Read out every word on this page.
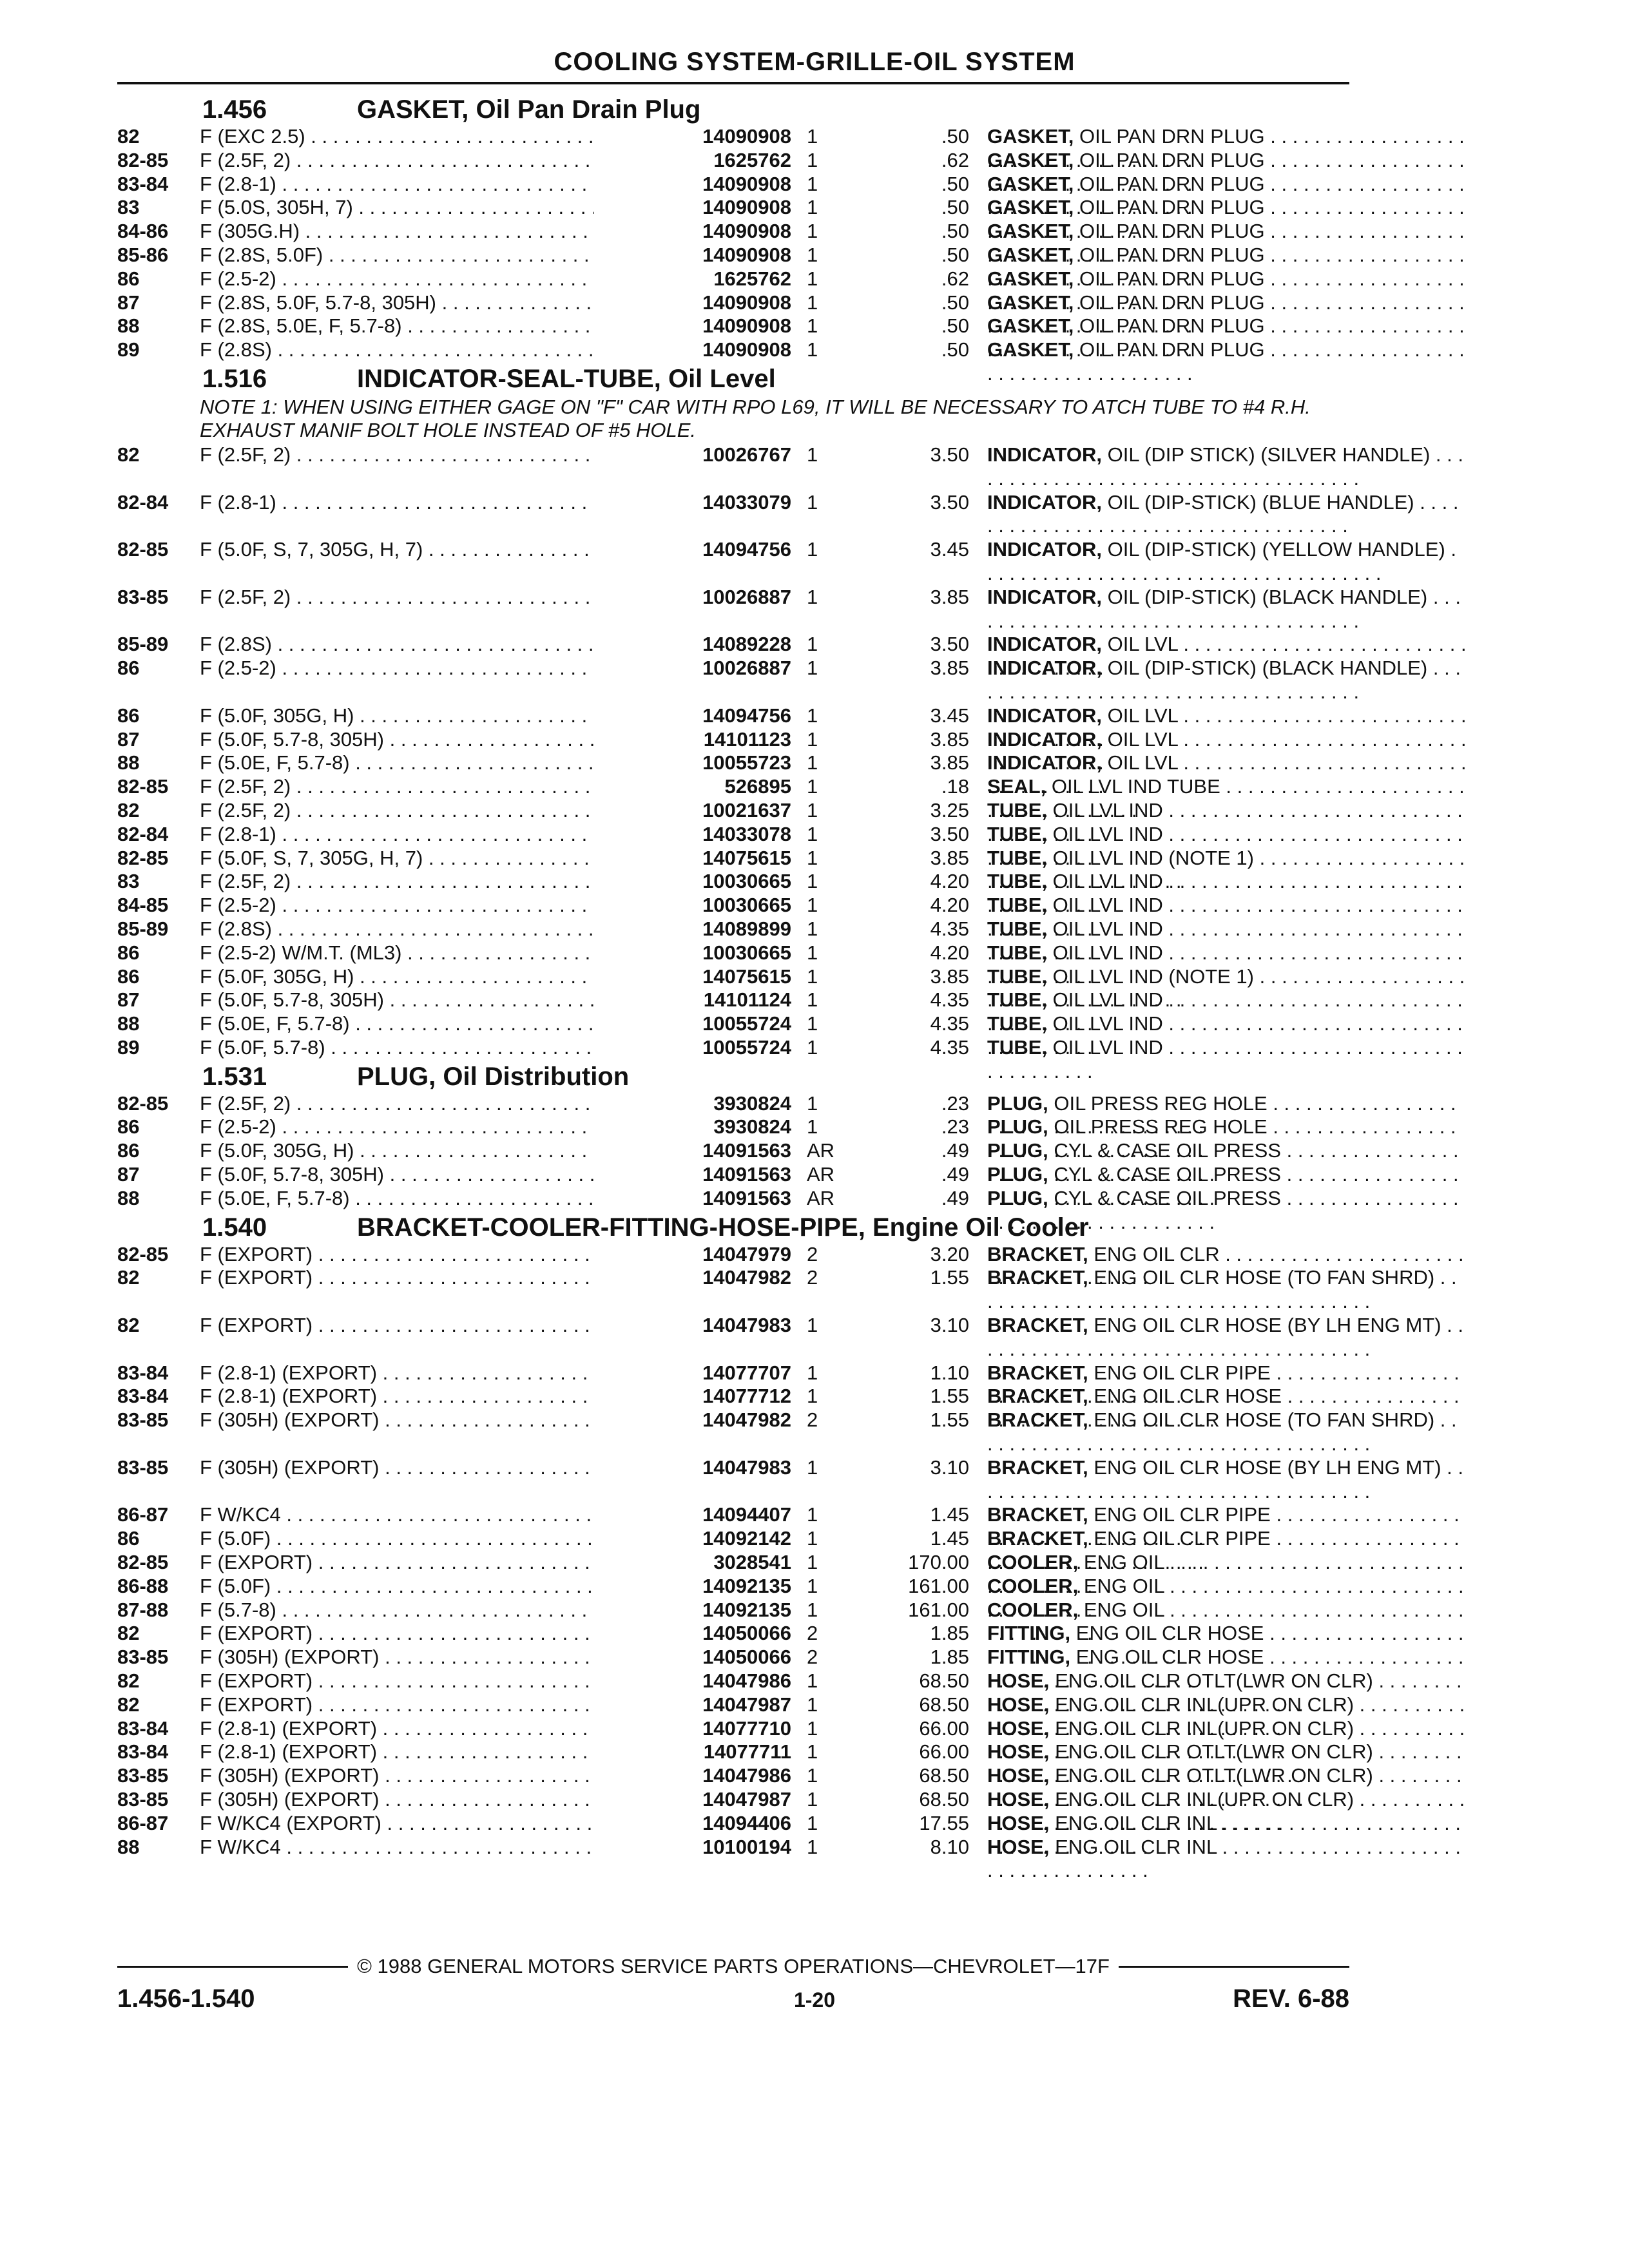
COOLING SYSTEM-GRILLE-OIL SYSTEM
1.456	GASKET, Oil Pan Drain Plug
82	F (EXC 2.5) . . .	14090908 1	.50 GASKET, OIL PAN DRN PLUG . . .
82-85 F (2.5F, 2) . . .	1625762 1	.62 GASKET, OIL PAN DRN PLUG . . .
83-84 F (2.8-1) . . .	14090908 1	.50 GASKET, OIL PAN DRN PLUG . . .
83	F (5.0S, 305H, 7) . . .	14090908 1	.50 GASKET, OIL PAN DRN PLUG . . .
84-86 F (305G.H) . . .	14090908 1	.50 GASKET, OIL PAN DRN PLUG . . .
85-86 F (2.8S, 5.0F) . . .	14090908 1	.50 GASKET, OIL PAN DRN PLUG . . .
86	F (2.5-2) . . .	1625762 1	.62 GASKET, OIL PAN DRN PLUG . . .
87	F (2.8S, 5.0F, 5.7-8, 305H) . . .	14090908 1	.50 GASKET, OIL PAN DRN PLUG . . .
88	F (2.8S, 5.0E, F, 5.7-8) . . .	14090908 1	.50 GASKET, OIL PAN DRN PLUG . . .
89	F (2.8S) . . .	14090908 1	.50 GASKET, OIL PAN DRN PLUG . . .
1.516	INDICATOR-SEAL-TUBE, Oil Level
NOTE 1: WHEN USING EITHER GAGE ON "F" CAR WITH RPO L69, IT WILL BE NECESSARY TO ATCH TUBE TO #4 R.H. EXHAUST MANIF BOLT HOLE INSTEAD OF #5 HOLE.
82	F (2.5F, 2) . . .	10026767 1	3.50 INDICATOR, OIL (DIP STICK) (SILVER HANDLE) . . .
82-84 F (2.8-1) . . .	14033079 1	3.50 INDICATOR, OIL (DIP-STICK) (BLUE HANDLE) . . .
82-85 F (5.0F, S, 7, 305G, H, 7) . . .	14094756 1	3.45 INDICATOR, OIL (DIP-STICK) (YELLOW HANDLE) . . .
83-85 F (2.5F, 2) . . .	10026887 1	3.85 INDICATOR, OIL (DIP-STICK) (BLACK HANDLE) . . .
85-89 F (2.8S) . . .	14089228 1	3.50 INDICATOR, OIL LVL . . .
86	F (2.5-2) . . .	10026887 1	3.85 INDICATOR, OIL (DIP-STICK) (BLACK HANDLE) . . .
86	F (5.0F, 305G, H) . . .	14094756 1	3.45 INDICATOR, OIL LVL . . .
87	F (5.0F, 5.7-8, 305H) . . .	14101123 1	3.85 INDICATOR, OIL LVL . . .
88	F (5.0E, F, 5.7-8) . . .	10055723 1	3.85 INDICATOR, OIL LVL . . .
82-85 F (2.5F, 2) . . .	526895 1	.18 SEAL, OIL LVL IND TUBE . . .
82	F (2.5F, 2) . . .	10021637 1	3.25 TUBE, OIL LVL IND . . .
82-84 F (2.8-1) . . .	14033078 1	3.50 TUBE, OIL LVL IND . . .
82-85 F (5.0F, S, 7, 305G, H, 7) . . .	14075615 1	3.85 TUBE, OIL LVL IND (NOTE 1) . . .
83	F (2.5F, 2) . . .	10030665 1	4.20 TUBE, OIL LVL IND . . .
84-85 F (2.5-2) . . .	10030665 1	4.20 TUBE, OIL LVL IND . . .
85-89 F (2.8S) . . .	14089899 1	4.35 TUBE, OIL LVL IND . . .
86	F (2.5-2) W/M.T. (ML3) . . .	10030665 1	4.20 TUBE, OIL LVL IND . . .
86	F (5.0F, 305G, H) . . .	14075615 1	3.85 TUBE, OIL LVL IND (NOTE 1) . . .
87	F (5.0F, 5.7-8, 305H) . . .	14101124 1	4.35 TUBE, OIL LVL IND . . .
88	F (5.0E, F, 5.7-8) . . .	10055724 1	4.35 TUBE, OIL LVL IND . . .
89	F (5.0F, 5.7-8) . . .	10055724 1	4.35 TUBE, OIL LVL IND . . .
1.531	PLUG, Oil Distribution
82-85 F (2.5F, 2) . . .	3930824 1	.23 PLUG, OIL PRESS REG HOLE . . .
86	F (2.5-2) . . .	3930824 1	.23 PLUG, OIL PRESS REG HOLE . . .
86	F (5.0F, 305G, H) . . .	14091563 AR	.49 PLUG, CYL & CASE OIL PRESS . . .
87	F (5.0F, 5.7-8, 305H) . . .	14091563 AR	.49 PLUG, CYL & CASE OIL PRESS . . .
88	F (5.0E, F, 5.7-8) . . .	14091563 AR	.49 PLUG, CYL & CASE OIL PRESS . . .
1.540	BRACKET-COOLER-FITTING-HOSE-PIPE, Engine Oil Cooler
82-85 F (EXPORT) . . .	14047979 2	3.20 BRACKET, ENG OIL CLR . . .
82	F (EXPORT) . . .	14047982 2	1.55 BRACKET, ENG OIL CLR HOSE (TO FAN SHRD) . . .
82	F (EXPORT) . . .	14047983 1	3.10 BRACKET, ENG OIL CLR HOSE (BY LH ENG MT) . . .
83-84 F (2.8-1) (EXPORT) . . .	14077707 1	1.10 BRACKET, ENG OIL CLR PIPE . . .
83-84 F (2.8-1) (EXPORT) . . .	14077712 1	1.55 BRACKET, ENG OIL CLR HOSE . . .
83-85 F (305H) (EXPORT) . . .	14047982 2	1.55 BRACKET, ENG OIL CLR HOSE (TO FAN SHRD) . . .
83-85 F (305H) (EXPORT) . . .	14047983 1	3.10 BRACKET, ENG OIL CLR HOSE (BY LH ENG MT) . . .
86-87 F W/KC4 . . .	14094407 1	1.45 BRACKET, ENG OIL CLR PIPE . . .
86	F (5.0F) . . .	14092142 1	1.45 BRACKET, ENG OIL CLR PIPE . . .
82-85 F (EXPORT) . . .	3028541 1	170.00 COOLER, ENG OIL . . .
86-88 F (5.0F) . . .	14092135 1	161.00 COOLER, ENG OIL . . .
87-88 F (5.7-8) . . .	14092135 1	161.00 COOLER, ENG OIL . . .
82	F (EXPORT) . . .	14050066 2	1.85 FITTING, ENG OIL CLR HOSE . . .
83-85 F (305H) (EXPORT) . . .	14050066 2	1.85 FITTING, ENG OIL CLR HOSE . . .
82	F (EXPORT) . . .	14047986 1	68.50 HOSE, ENG OIL CLR OTLT(LWR ON CLR) . . .
82	F (EXPORT) . . .	14047987 1	68.50 HOSE, ENG OIL CLR INL(UPR ON CLR) . . .
83-84 F (2.8-1) (EXPORT) . . .	14077710 1	66.00 HOSE, ENG OIL CLR INL(UPR ON CLR) . . .
83-84 F (2.8-1) (EXPORT) . . .	14077711 1	66.00 HOSE, ENG OIL CLR OTLT(LWR ON CLR) . . .
83-85 F (305H) (EXPORT) . . .	14047986 1	68.50 HOSE, ENG OIL CLR OTLT(LWR ON CLR) . . .
83-85 F (305H) (EXPORT) . . .	14047987 1	68.50 HOSE, ENG OIL CLR INL(UPR ON CLR) . . .
86-87 F W/KC4 (EXPORT) . . .	14094406 1	17.55 HOSE, ENG OIL CLR INL . . .
88	F W/KC4 . . .	10100194 1	8.10 HOSE, ENG OIL CLR INL . . .
© 1988 GENERAL MOTORS SERVICE PARTS OPERATIONS—CHEVROLET—17F
1.456-1.540	1-20	REV. 6-88
